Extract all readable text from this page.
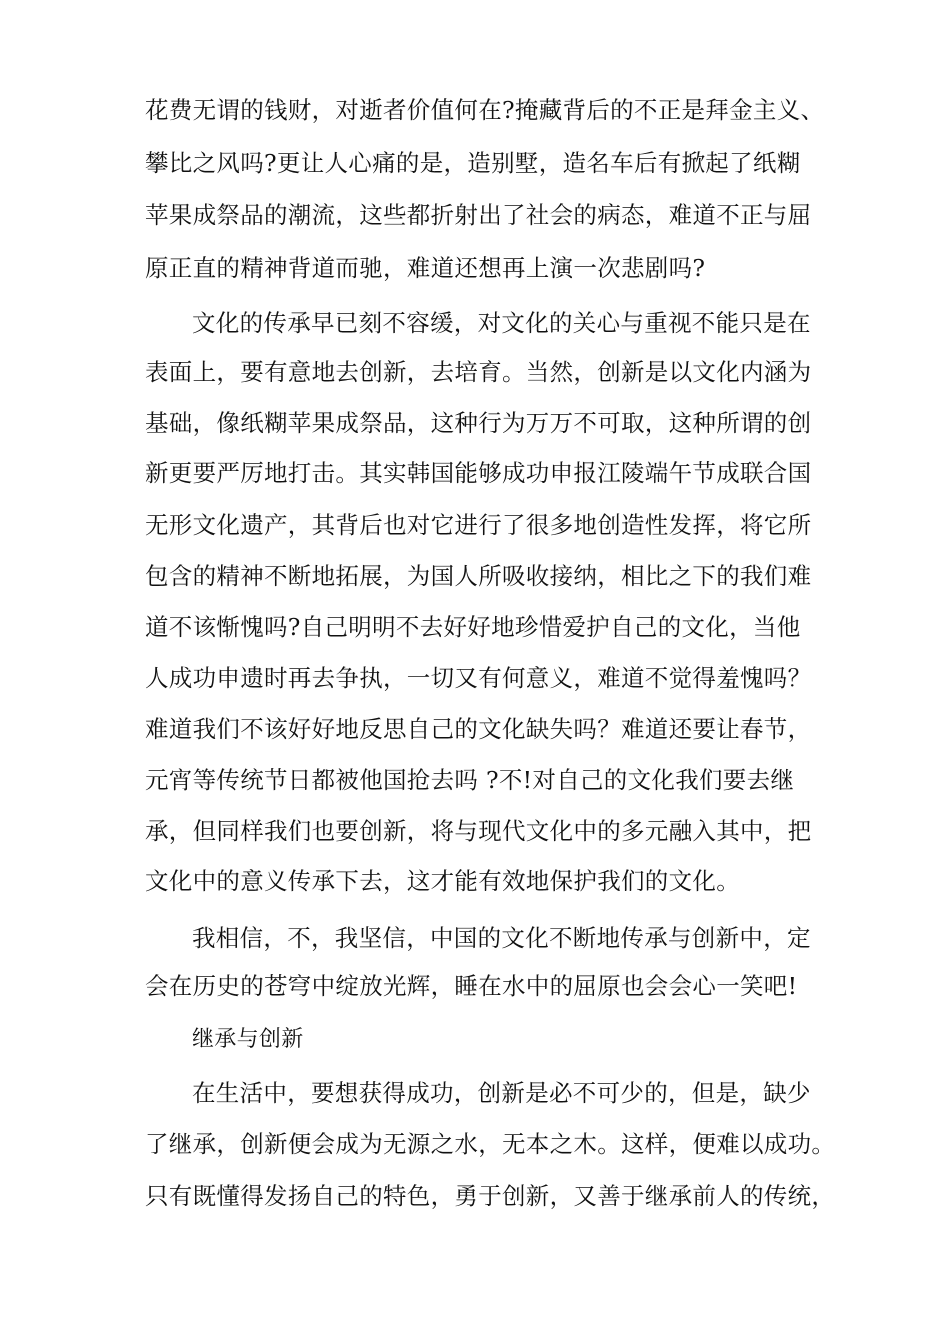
花费无谓的钱财，对逝者价值何在?掩藏背后的不正是拜金主义、
攀比之风吗?更让人心痛的是，造别墅，造名车后有掀起了纸糊
苹果成祭品的潮流，这些都折射出了社会的病态，难道不正与屈
原正直的精神背道而驰，难道还想再上演一次悲剧吗?
文化的传承早已刻不容缓，对文化的关心与重视不能只是在
表面上，要有意地去创新，去培育。当然，创新是以文化内涵为
基础，像纸糊苹果成祭品，这种行为万万不可取，这种所谓的创
新更要严厉地打击。其实韩国能够成功申报江陵端午节成联合国
无形文化遗产，其背后也对它进行了很多地创造性发挥，将它所
包含的精神不断地拓展，为国人所吸收接纳，相比之下的我们难
道不该惭愧吗?自己明明不去好好地珍惜爱护自己的文化，当他
人成功申遗时再去争执，一切又有何意义，难道不觉得羞愧吗？
难道我们不该好好地反思自己的文化缺失吗？难道还要让春节，
元宵等传统节日都被他国抢去吗 ?不!对自己的文化我们要去继
承，但同样我们也要创新，将与现代文化中的多元融入其中，把
文化中的意义传承下去，这才能有效地保护我们的文化。
我相信，不，我坚信，中国的文化不断地传承与创新中，定
会在历史的苍穹中绽放光辉，睡在水中的屈原也会会心一笑吧!
继承与创新
在生活中，要想获得成功，创新是必不可少的，但是，缺少
了继承，创新便会成为无源之水，无本之木。这样，便难以成功。
只有既懂得发扬自己的特色，勇于创新，又善于继承前人的传统，
